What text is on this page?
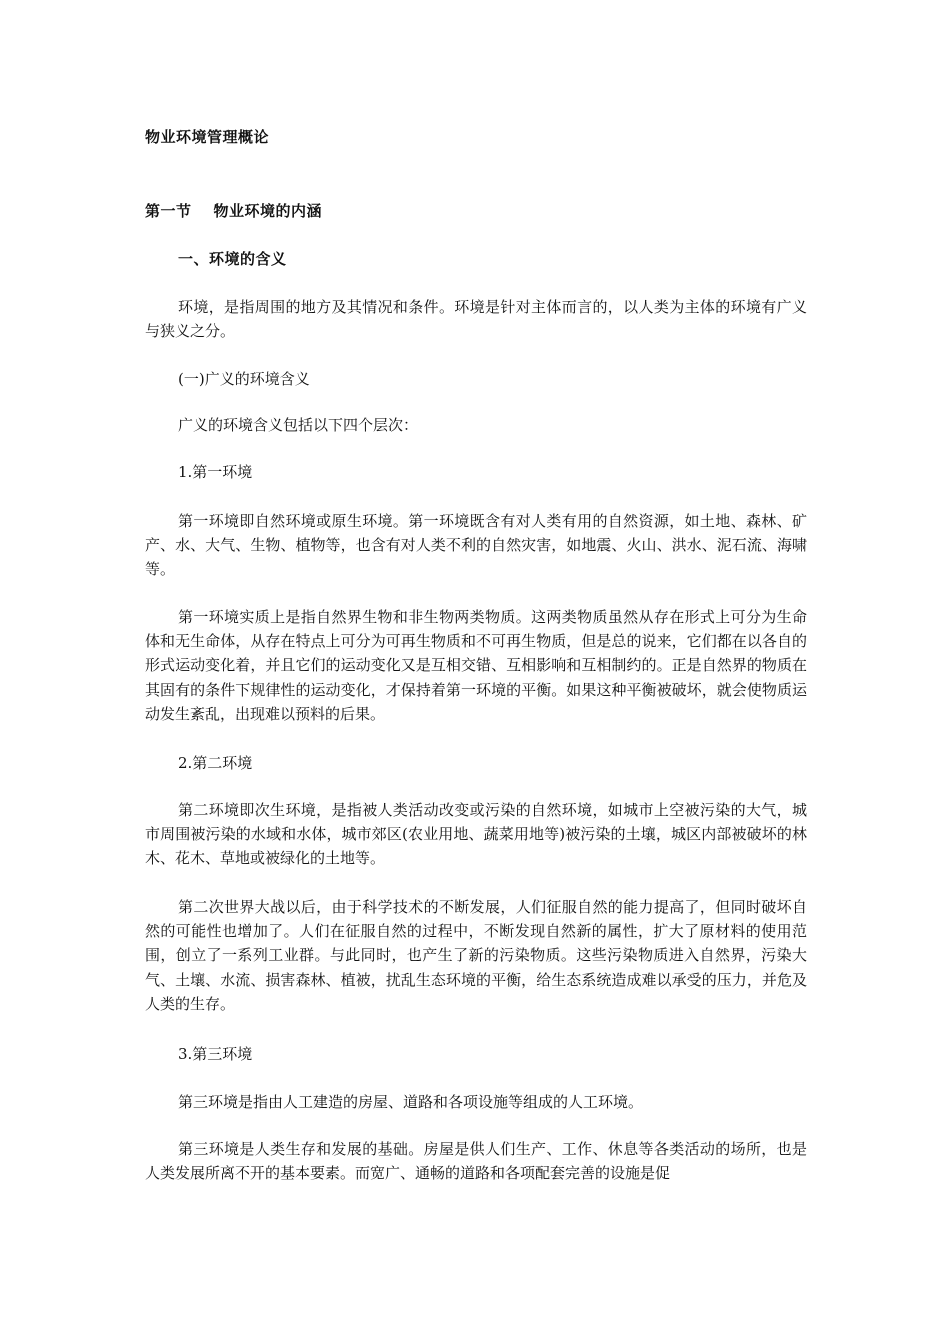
物业环境管理概论
第一节 物业环境的内涵
一、环境的含义
环境，是指周围的地方及其情况和条件。环境是针对主体而言的，以人类为主体的环境有广义与狭义之分。
(一)广义的环境含义
广义的环境含义包括以下四个层次：
1.第一环境
第一环境即自然环境或原生环境。第一环境既含有对人类有用的自然资源，如土地、森林、矿产、水、大气、生物、植物等，也含有对人类不利的自然灾害，如地震、火山、洪水、泥石流、海啸等。
第一环境实质上是指自然界生物和非生物两类物质。这两类物质虽然从存在形式上可分为生命体和无生命体，从存在特点上可分为可再生物质和不可再生物质，但是总的说来，它们都在以各自的形式运动变化着，并且它们的运动变化又是互相交错、互相影响和互相制约的。正是自然界的物质在其固有的条件下规律性的运动变化，才保持着第一环境的平衡。如果这种平衡被破坏，就会使物质运动发生紊乱，出现难以预料的后果。
2.第二环境
第二环境即次生环境，是指被人类活动改变或污染的自然环境，如城市上空被污染的大气，城市周围被污染的水域和水体，城市郊区(农业用地、蔬菜用地等)被污染的土壤，城区内部被破坏的林木、花木、草地或被绿化的土地等。
第二次世界大战以后，由于科学技术的不断发展，人们征服自然的能力提高了，但同时破坏自然的可能性也增加了。人们在征服自然的过程中，不断发现自然新的属性，扩大了原材料的使用范围，创立了一系列工业群。与此同时，也产生了新的污染物质。这些污染物质进入自然界，污染大气、土壤、水流、损害森林、植被，扰乱生态环境的平衡，给生态系统造成难以承受的压力，并危及人类的生存。
3.第三环境
第三环境是指由人工建造的房屋、道路和各项设施等组成的人工环境。
第三环境是人类生存和发展的基础。房屋是供人们生产、工作、休息等各类活动的场所，也是人类发展所离不开的基本要素。而宽广、通畅的道路和各项配套完善的设施是促
